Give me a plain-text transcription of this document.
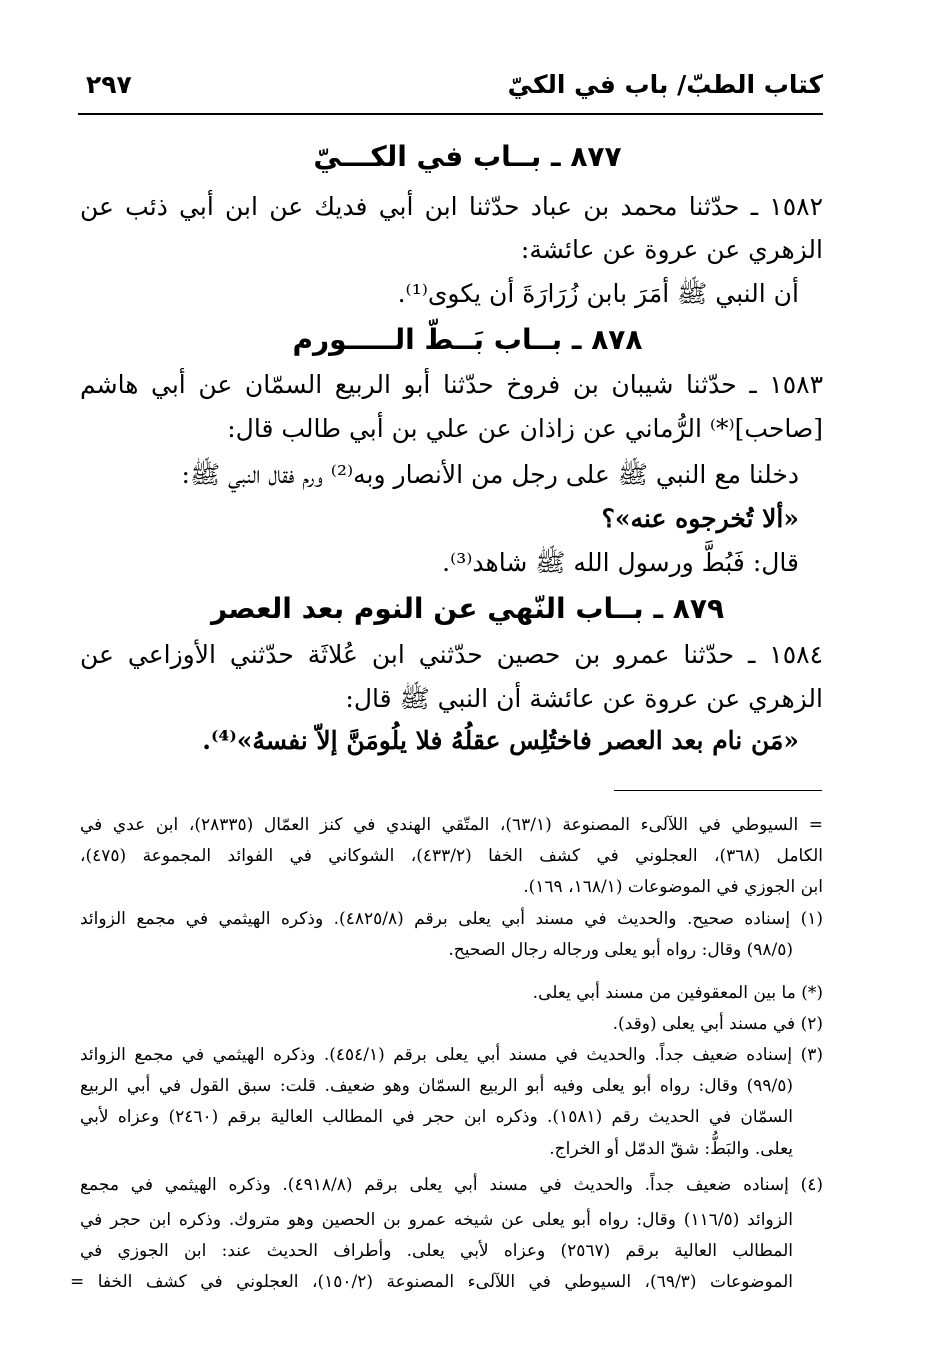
كتاب الطبّ/ باب في الكيّ
٢٩٧
٨٧٧ ـ بــاب في الكـــيّ
١٥٨٢ ـ حدّثنا محمد بن عباد حدّثنا ابن أبي فديك عن ابن أبي ذئب عن
الزهري عن عروة عن عائشة:
أن النبي ﷺ أمَرَ بابن زُرَارَةَ أن يكوى⁽¹⁾.
٨٧٨ ـ بــاب بَــطّ الـــــورم
١٥٨٣ ـ حدّثنا شيبان بن فروخ حدّثنا أبو الربيع السمّان عن أبي هاشم
[صاحب]⁽*⁾ الرُّماني عن زاذان عن علي بن أبي طالب قال:
دخلنا مع النبي ﷺ على رجل من الأنصار وبه⁽²⁾ ورم فقال النبي ﷺ:
«ألا تُخرجوه عنه»؟
قال: فَبُطَّ ورسول الله ﷺ شاهد⁽³⁾.
٨٧٩ ـ بــاب النّهي عن النوم بعد العصر
١٥٨٤ ـ حدّثنا عمرو بن حصين حدّثني ابن عُلاثَة حدّثني الأوزاعي عن
الزهري عن عروة عن عائشة أن النبي ﷺ قال:
«مَن نام بعد العصر فاختُلِس عقلُهُ فلا يلُومَنَّ إلاّ نفسهُ»⁽⁴⁾.
= السيوطي في اللآلىء المصنوعة (٦٣/١)، المتّقي الهندي في كنز العمّال (٢٨٣٣٥)، ابن عدي في
الكامل (٣٦٨)، العجلوني في كشف الخفا (٤٣٣/٢)، الشوكاني في الفوائد المجموعة (٤٧٥)،
ابن الجوزي في الموضوعات (١٦٨/١، ١٦٩).
(١) إسناده صحيح. والحديث في مسند أبي يعلى برقم (٤٨٢٥/٨). وذكره الهيثمي في مجمع الزوائد
(٩٨/٥) وقال: رواه أبو يعلى ورجاله رجال الصحيح.
(*) ما بين المعقوفين من مسند أبي يعلى.
(٢) في مسند أبي يعلى (وقد).
(٣) إسناده ضعيف جداً. والحديث في مسند أبي يعلى برقم (٤٥٤/١). وذكره الهيثمي في مجمع الزوائد
(٩٩/٥) وقال: رواه أبو يعلى وفيه أبو الربيع السمّان وهو ضعيف. قلت: سبق القول في أبي الربيع
السمّان في الحديث رقم (١٥٨١). وذكره ابن حجر في المطالب العالية برقم (٢٤٦٠) وعزاه لأبي
يعلى. والبَطُّ: شقّ الدمّل أو الخراج.
(٤) إسناده ضعيف جداً. والحديث في مسند أبي يعلى برقم (٤٩١٨/٨). وذكره الهيثمي في مجمع
الزوائد (١١٦/٥) وقال: رواه أبو يعلى عن شيخه عمرو بن الحصين وهو متروك. وذكره ابن حجر في
المطالب العالية برقم (٢٥٦٧) وعزاه لأبي يعلى. وأطراف الحديث عند: ابن الجوزي في
الموضوعات (٦٩/٣)، السيوطي في اللآلىء المصنوعة (١٥٠/٢)، العجلوني في كشف الخفا =
